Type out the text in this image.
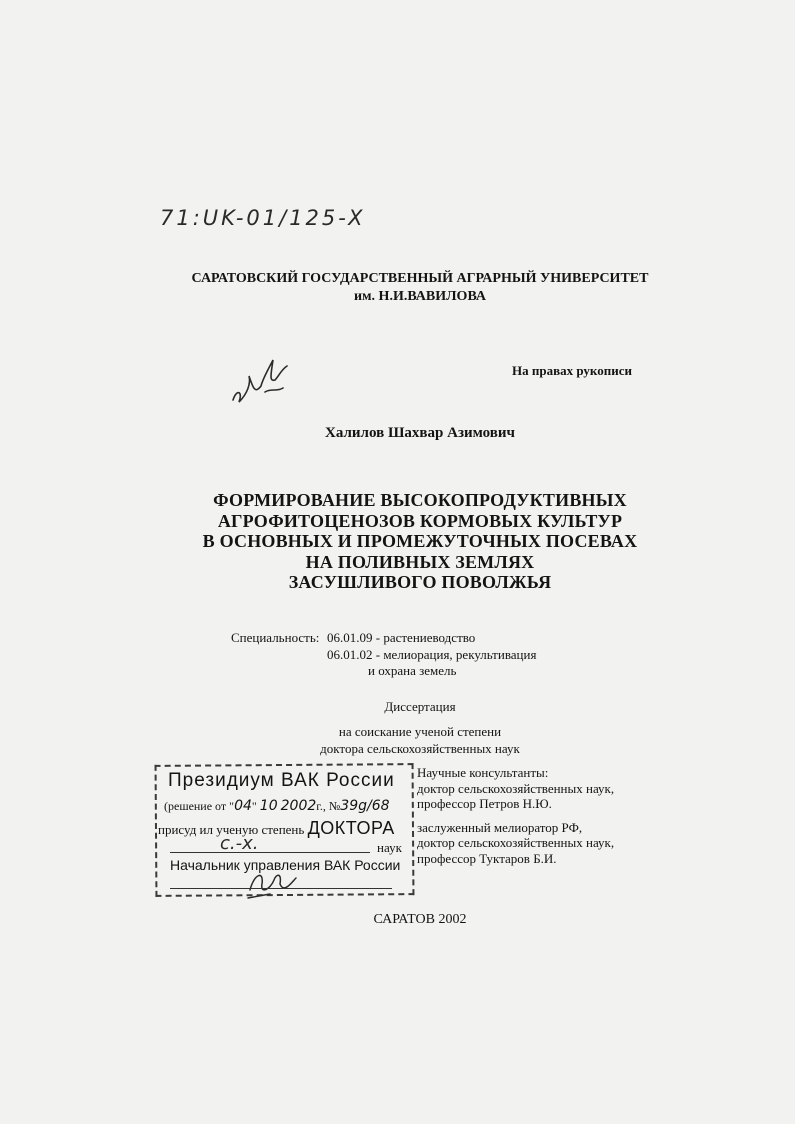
71:UK-01/125-X
САРАТОВСКИЙ ГОСУДАРСТВЕННЫЙ АГРАРНЫЙ УНИВЕРСИТЕТ
им. Н.И.ВАВИЛОВА
На правах рукописи
Халилов Шахвар Азимович
ФОРМИРОВАНИЕ ВЫСОКОПРОДУКТИВНЫХ
АГРОФИТОЦЕНОЗОВ КОРМОВЫХ КУЛЬТУР
В ОСНОВНЫХ И ПРОМЕЖУТОЧНЫХ ПОСЕВАХ
НА ПОЛИВНЫХ ЗЕМЛЯХ
ЗАСУШЛИВОГО ПОВОЛЖЬЯ
Специальность: 06.01.09 - растениеводство
06.01.02 - мелиорация, рекультивация
и охрана земель
Диссертация
на соискание ученой степени
доктора сельскохозяйственных наук
Научные консультанты:
доктор сельскохозяйственных наук,
профессор Петров Н.Ю.
заслуженный мелиоратор РФ,
доктор сельскохозяйственных наук,
профессор Туктаров Б.И.
Президиум ВАК России
(решение от "04" 10 2002г., №39g/68
присуд ил ученую степень ДОКТОРА
с.-х.	наук
Начальник управления ВАК России
САРАТОВ 2002
